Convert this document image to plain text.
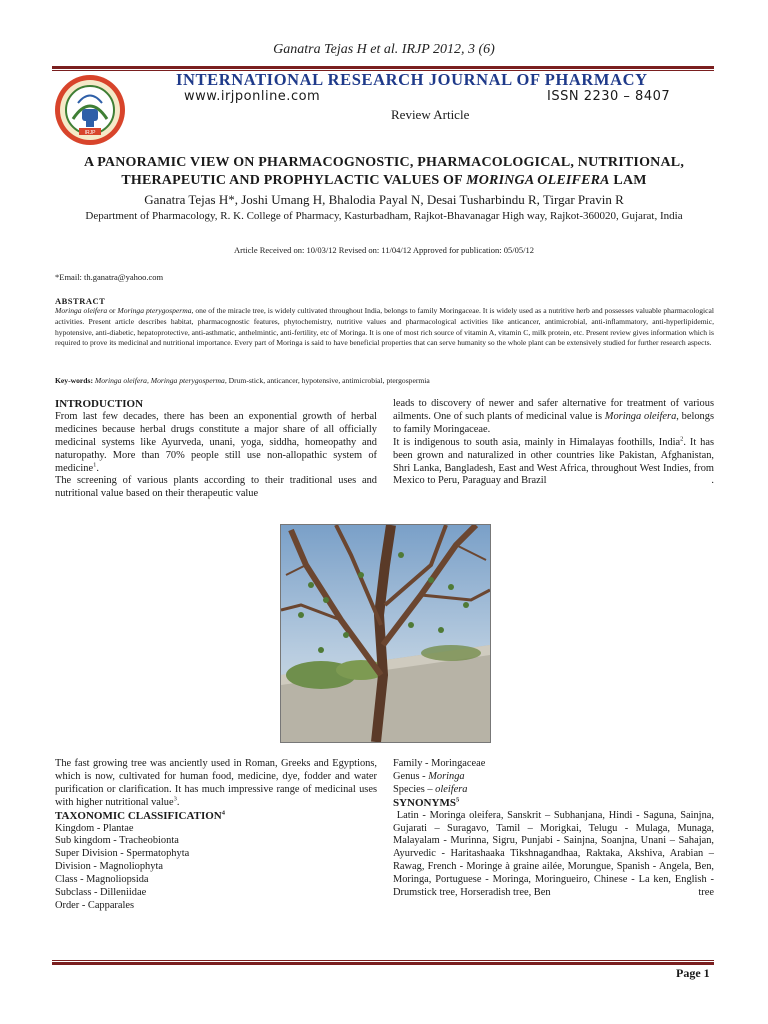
Ganatra Tejas H et al. IRJP 2012, 3 (6)
IRJP
INTERNATIONAL RESEARCH JOURNAL OF PHARMACY
www.irjponline.com	ISSN 2230 – 8407
Review Article
A PANORAMIC VIEW ON PHARMACOGNOSTIC, PHARMACOLOGICAL, NUTRITIONAL,
THERAPEUTIC AND PROPHYLACTIC VALUES OF MORINGA OLEIFERA LAM
Ganatra Tejas H*, Joshi Umang H, Bhalodia Payal N, Desai Tusharbindu R, Tirgar Pravin R
Department of Pharmacology, R. K. College of Pharmacy, Kasturbadham, Rajkot-Bhavanagar High way, Rajkot-360020, Gujarat, India
Article Received on: 10/03/12 Revised on: 11/04/12 Approved for publication: 05/05/12
*Email: th.ganatra@yahoo.com
ABSTRACT
Moringa oleifera or Moringa pterygosperma, one of the miracle tree, is widely cultivated throughout India, belongs to family Moringaceae. It is widely used as a nutritive herb and possesses valuable pharmacological activities. Present article describes habitat, pharmacognostic features, phytochemistry, nutritive values and pharmacological activities like anticancer, antimicrobial, anti-inflammatory, anti-hyperlipidemic, hypotensive, anti-diabetic, hepatoprotective, anti-asthmatic, anthelmintic, anti-fertility, etc of Moringa. It is one of most rich source of vitamin A, vitamin C, milk protein, etc. Present review gives information which is required to prove its medicinal and nutritional importance. Every part of Moringa is said to have beneficial properties that can serve humanity so the whole plant can be extensively studied for further research aspects.
Key-words: Moringa oleifera, Moringa pterygosperma, Drum-stick, anticancer, hypotensive, antimicrobial, ptergospermia
INTRODUCTION

From last few decades, there has been an exponential growth of herbal medicines because herbal drugs constitute a major share of all officially medicinal systems like Ayurveda, unani, yoga, siddha, homeopathy and naturopathy. More than 70% people still use non-allopathic system of medicine$^1$.

The screening of various plants according to their traditional uses and nutritional value based on their therapeutic value

leads to discovery of newer and safer alternative for treatment of various ailments. One of such plants of medicinal value is Moringa oleifera, belongs to family Moringaceae.

It is indigenous to south asia, mainly in Himalayas foothills, India$^2$. It has been grown and naturalized in other countries like Pakistan, Afghanistan, Shri Lanka, Bangladesh, East and West Africa, throughout West Indies, from Mexico to Peru, Paraguay and Brazil	.

The fast growing tree was anciently used in Roman, Greeks and Egyptions, which is now, cultivated for human food, medicine, dye, fodder and water purification or clarification. It has much impressive range of medicinal uses with higher nutritional value$^3$.

TAXONOMIC CLASSIFICATION$^4$
Kingdom - Plantae
Sub kingdom - Tracheobionta
Super Division - Spermatophyta
Division - Magnoliophyta
Class - Magnoliopsida
Subclass - Dilleniidae
Order - Capparales
Family - Moringaceae
Genus - Moringa
Species – oleifera
SYNONYMS$^5$

Latin - Moringa oleifera, Sanskrit – Subhanjana, Hindi - Saguna, Sainjna, Gujarati – Suragavo, Tamil – Morigkai, Telugu - Mulaga, Munaga, Malayalam - Murinna, Sigru, Punjabi - Sainjna, Soanjna, Unani – Sahajan, Ayurvedic - Haritashaaka Tikshnagandhaa, Raktaka, Akshiva, Arabian – Rawag, French - Moringe à graine ailée, Morungue, Spanish - Angela, Ben, Moringa, Portuguese - Moringa, Moringueiro, Chinese - La ken, English - Drumstick tree, Horseradish tree, Ben	tree

Page 1
